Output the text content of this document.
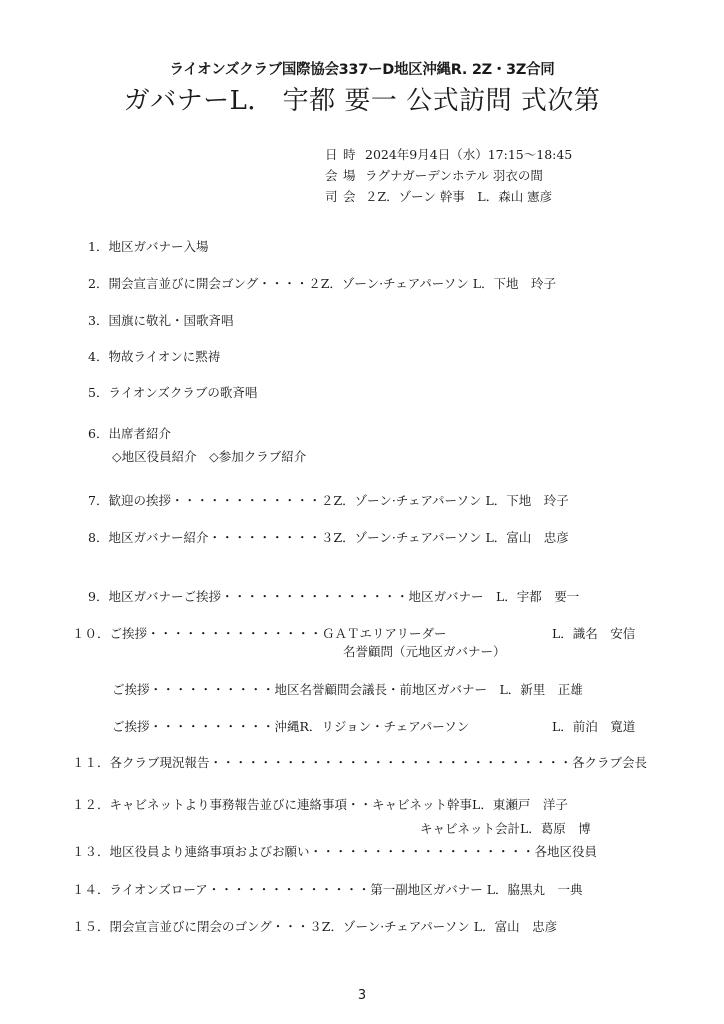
ライオンズクラブ国際協会337ーD地区沖縄R. 2Z・3Z合同
ガバナーL． 宇都 要一 公式訪問 式次第
日 時 2024年9月4日（水）17:15〜18:45
会 場 ラグナガーデンホテル 羽衣の間
司 会 ２Z．ゾーン 幹事　L．森山 憲彦
1．地区ガバナー入場
2．開会宣言並びに開会ゴング・・・・２Z．ゾーン·チェアパーソン L．下地　玲子
3．国旗に敬礼・国歌斉唱
4．物故ライオンに黙祷
5．ライオンズクラブの歌斉唱
6．出席者紹介
◇地区役員紹介　◇参加クラブ紹介
7．歓迎の挨拶・・・・・・・・・・・・２Z．ゾーン·チェアパーソン L．下地　玲子
8．地区ガバナー紹介・・・・・・・・・３Z．ゾーン·チェアパーソン L．富山　忠彦
9．地区ガバナーご挨拶・・・・・・・・・・・・・・・地区ガバナー　L．宇都　要一
１０．ご挨拶・・・・・・・・・・・・・・ＧＡＴエリアリーダー	L．識名　安信
名誉顧問（元地区ガバナー）
ご挨拶・・・・・・・・・・地区名誉顧問会議長・前地区ガバナー　L．新里　正雄
ご挨拶・・・・・・・・・・沖縄R．リジョン・チェアパーソン	L．前泊　寛道
１１．各クラブ現況報告・・・・・・・・・・・・・・・・・・・・・・・・・・・・・各クラブ会長
１２．キャビネットより事務報告並びに連絡事項・・キャビネット幹事L．東瀬戸　洋子
キャビネット会計L．葛原　博
１３．地区役員より連絡事項およびお願い・・・・・・・・・・・・・・・・・・各地区役員
１４．ライオンズローア・・・・・・・・・・・・・第一副地区ガバナー L．脇黒丸　一典
１５．閉会宣言並びに閉会のゴング・・・３Z．ゾーン·チェアパーソン L．富山　忠彦
3
